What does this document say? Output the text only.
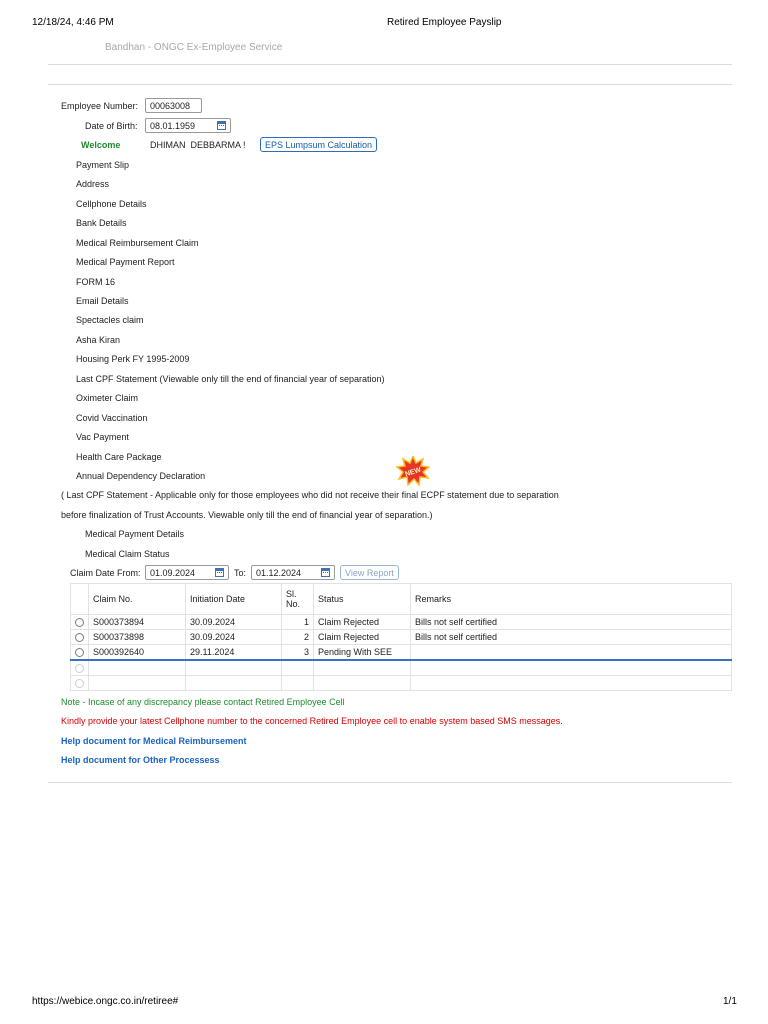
12/18/24, 4:46 PM	Retired Employee Payslip
Bandhan - ONGC Ex-Employee Service
Employee Number:	00063008
Date of Birth:	08.01.1959
Welcome	DHIMAN  DEBBARMA !	EPS Lumpsum Calculation
Payment Slip
Address
Cellphone Details
Bank Details
Medical Reimbursement Claim
Medical Payment Report
FORM 16
Email Details
Spectacles claim
Asha Kiran
Housing Perk FY 1995-2009
Last CPF Statement (Viewable only till the end of financial year of separation)
Oximeter Claim
Covid Vaccination
Vac Payment
Health Care Package
Annual Dependency Declaration	NEW
( Last CPF Statement - Applicable only for those employees who did not receive their final ECPF statement due to separation
before finalization of Trust Accounts. Viewable only till the end of financial year of separation.)
Medical Payment Details
Medical Claim Status
Claim Date From:	01.09.2024	To:	01.12.2024	View Report
	Claim No.	Initiation Date	Sl. No.	Status	Remarks
	S000373894	30.09.2024	1	Claim Rejected	Bills not self certified
	S000373898	30.09.2024	2	Claim Rejected	Bills not self certified
	S000392640	29.11.2024	3	Pending With SEE	

Note - Incase of any discrepancy please contact Retired Employee Cell
Kindly provide your latest Cellphone number to the concerned Retired Employee cell to enable system based SMS messages.
Help document for Medical Reimbursement
Help document for Other Processess
https://webice.ongc.co.in/retiree#	1/1
